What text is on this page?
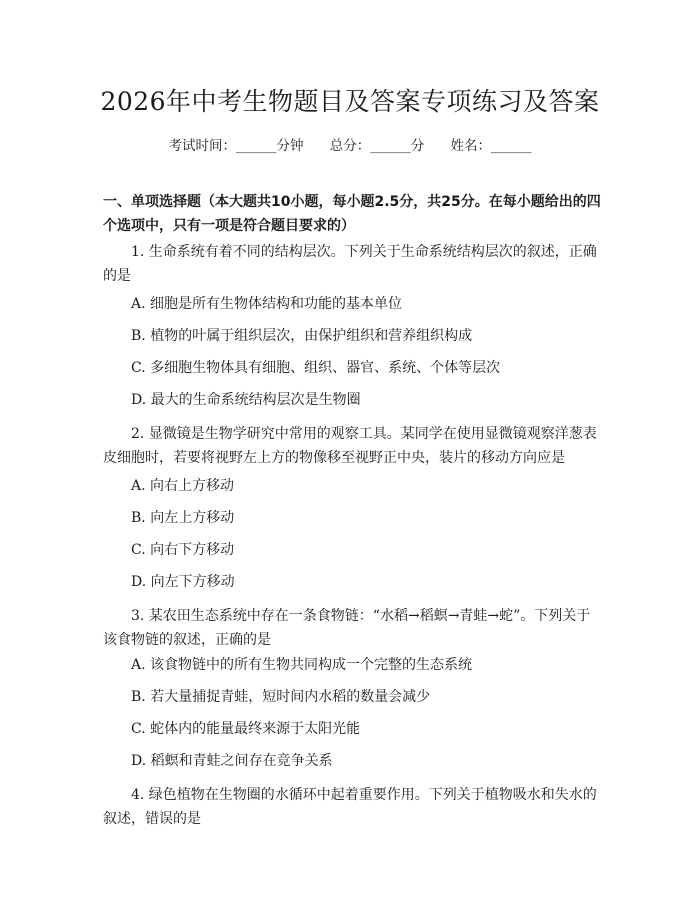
2026年中考生物题目及答案专项练习及答案
考试时间：______分钟 总分：______分 姓名：______
一、单项选择题（本大题共10小题，每小题2.5分，共25分。在每小题给出的四个选项中，只有一项是符合题目要求的）
1. 生命系统有着不同的结构层次。下列关于生命系统结构层次的叙述，正确的是
A. 细胞是所有生物体结构和功能的基本单位
B. 植物的叶属于组织层次，由保护组织和营养组织构成
C. 多细胞生物体具有细胞、组织、器官、系统、个体等层次
D. 最大的生命系统结构层次是生物圈
2. 显微镜是生物学研究中常用的观察工具。某同学在使用显微镜观察洋葱表皮细胞时，若要将视野左上方的物像移至视野正中央，装片的移动方向应是
A. 向右上方移动
B. 向左上方移动
C. 向右下方移动
D. 向左下方移动
3. 某农田生态系统中存在一条食物链：“水稻→稻螟→青蛙→蛇”。下列关于该食物链的叙述，正确的是
A. 该食物链中的所有生物共同构成一个完整的生态系统
B. 若大量捕捉青蛙，短时间内水稻的数量会减少
C. 蛇体内的能量最终来源于太阳光能
D. 稻螟和青蛙之间存在竞争关系
4. 绿色植物在生物圈的水循环中起着重要作用。下列关于植物吸水和失水的叙述，错误的是
